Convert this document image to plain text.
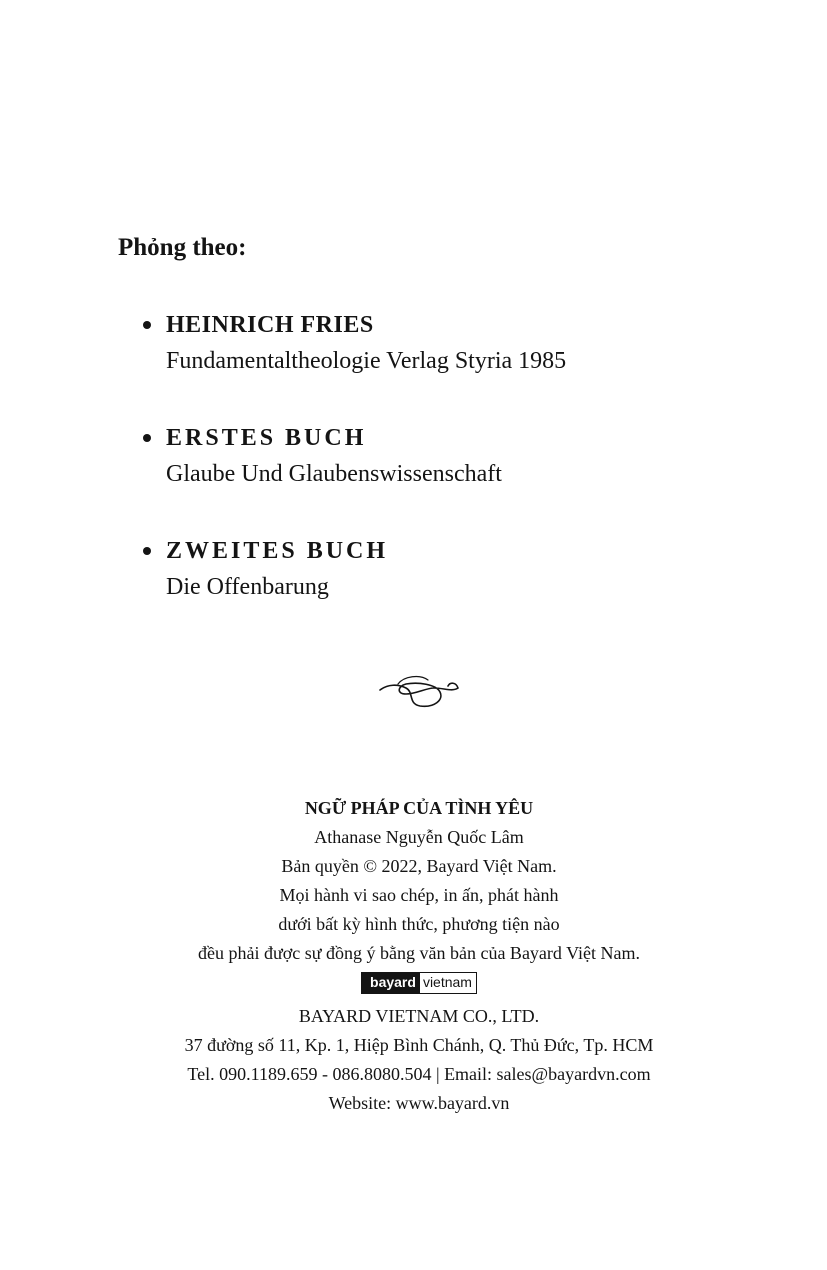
Phỏng theo:
HEINRICH FRIES
Fundamentaltheologie Verlag Styria 1985
ERSTES BUCH
Glaube Und Glaubenswissenschaft
ZWEITES BUCH
Die Offenbarung
NGỮ PHÁP CỦA TÌNH YÊU
Athanase Nguyễn Quốc Lâm
Bản quyền © 2022, Bayard Việt Nam.
Mọi hành vi sao chép, in ấn, phát hành
dưới bất kỳ hình thức, phương tiện nào
đều phải được sự đồng ý bằng văn bản của Bayard Việt Nam.
bayard vietnam
BAYARD VIETNAM CO., LTD.
37 đường số 11, Kp. 1, Hiệp Bình Chánh, Q. Thủ Đức, Tp. HCM
Tel. 090.1189.659 - 086.8080.504 | Email: sales@bayardvn.com
Website: www.bayard.vn
